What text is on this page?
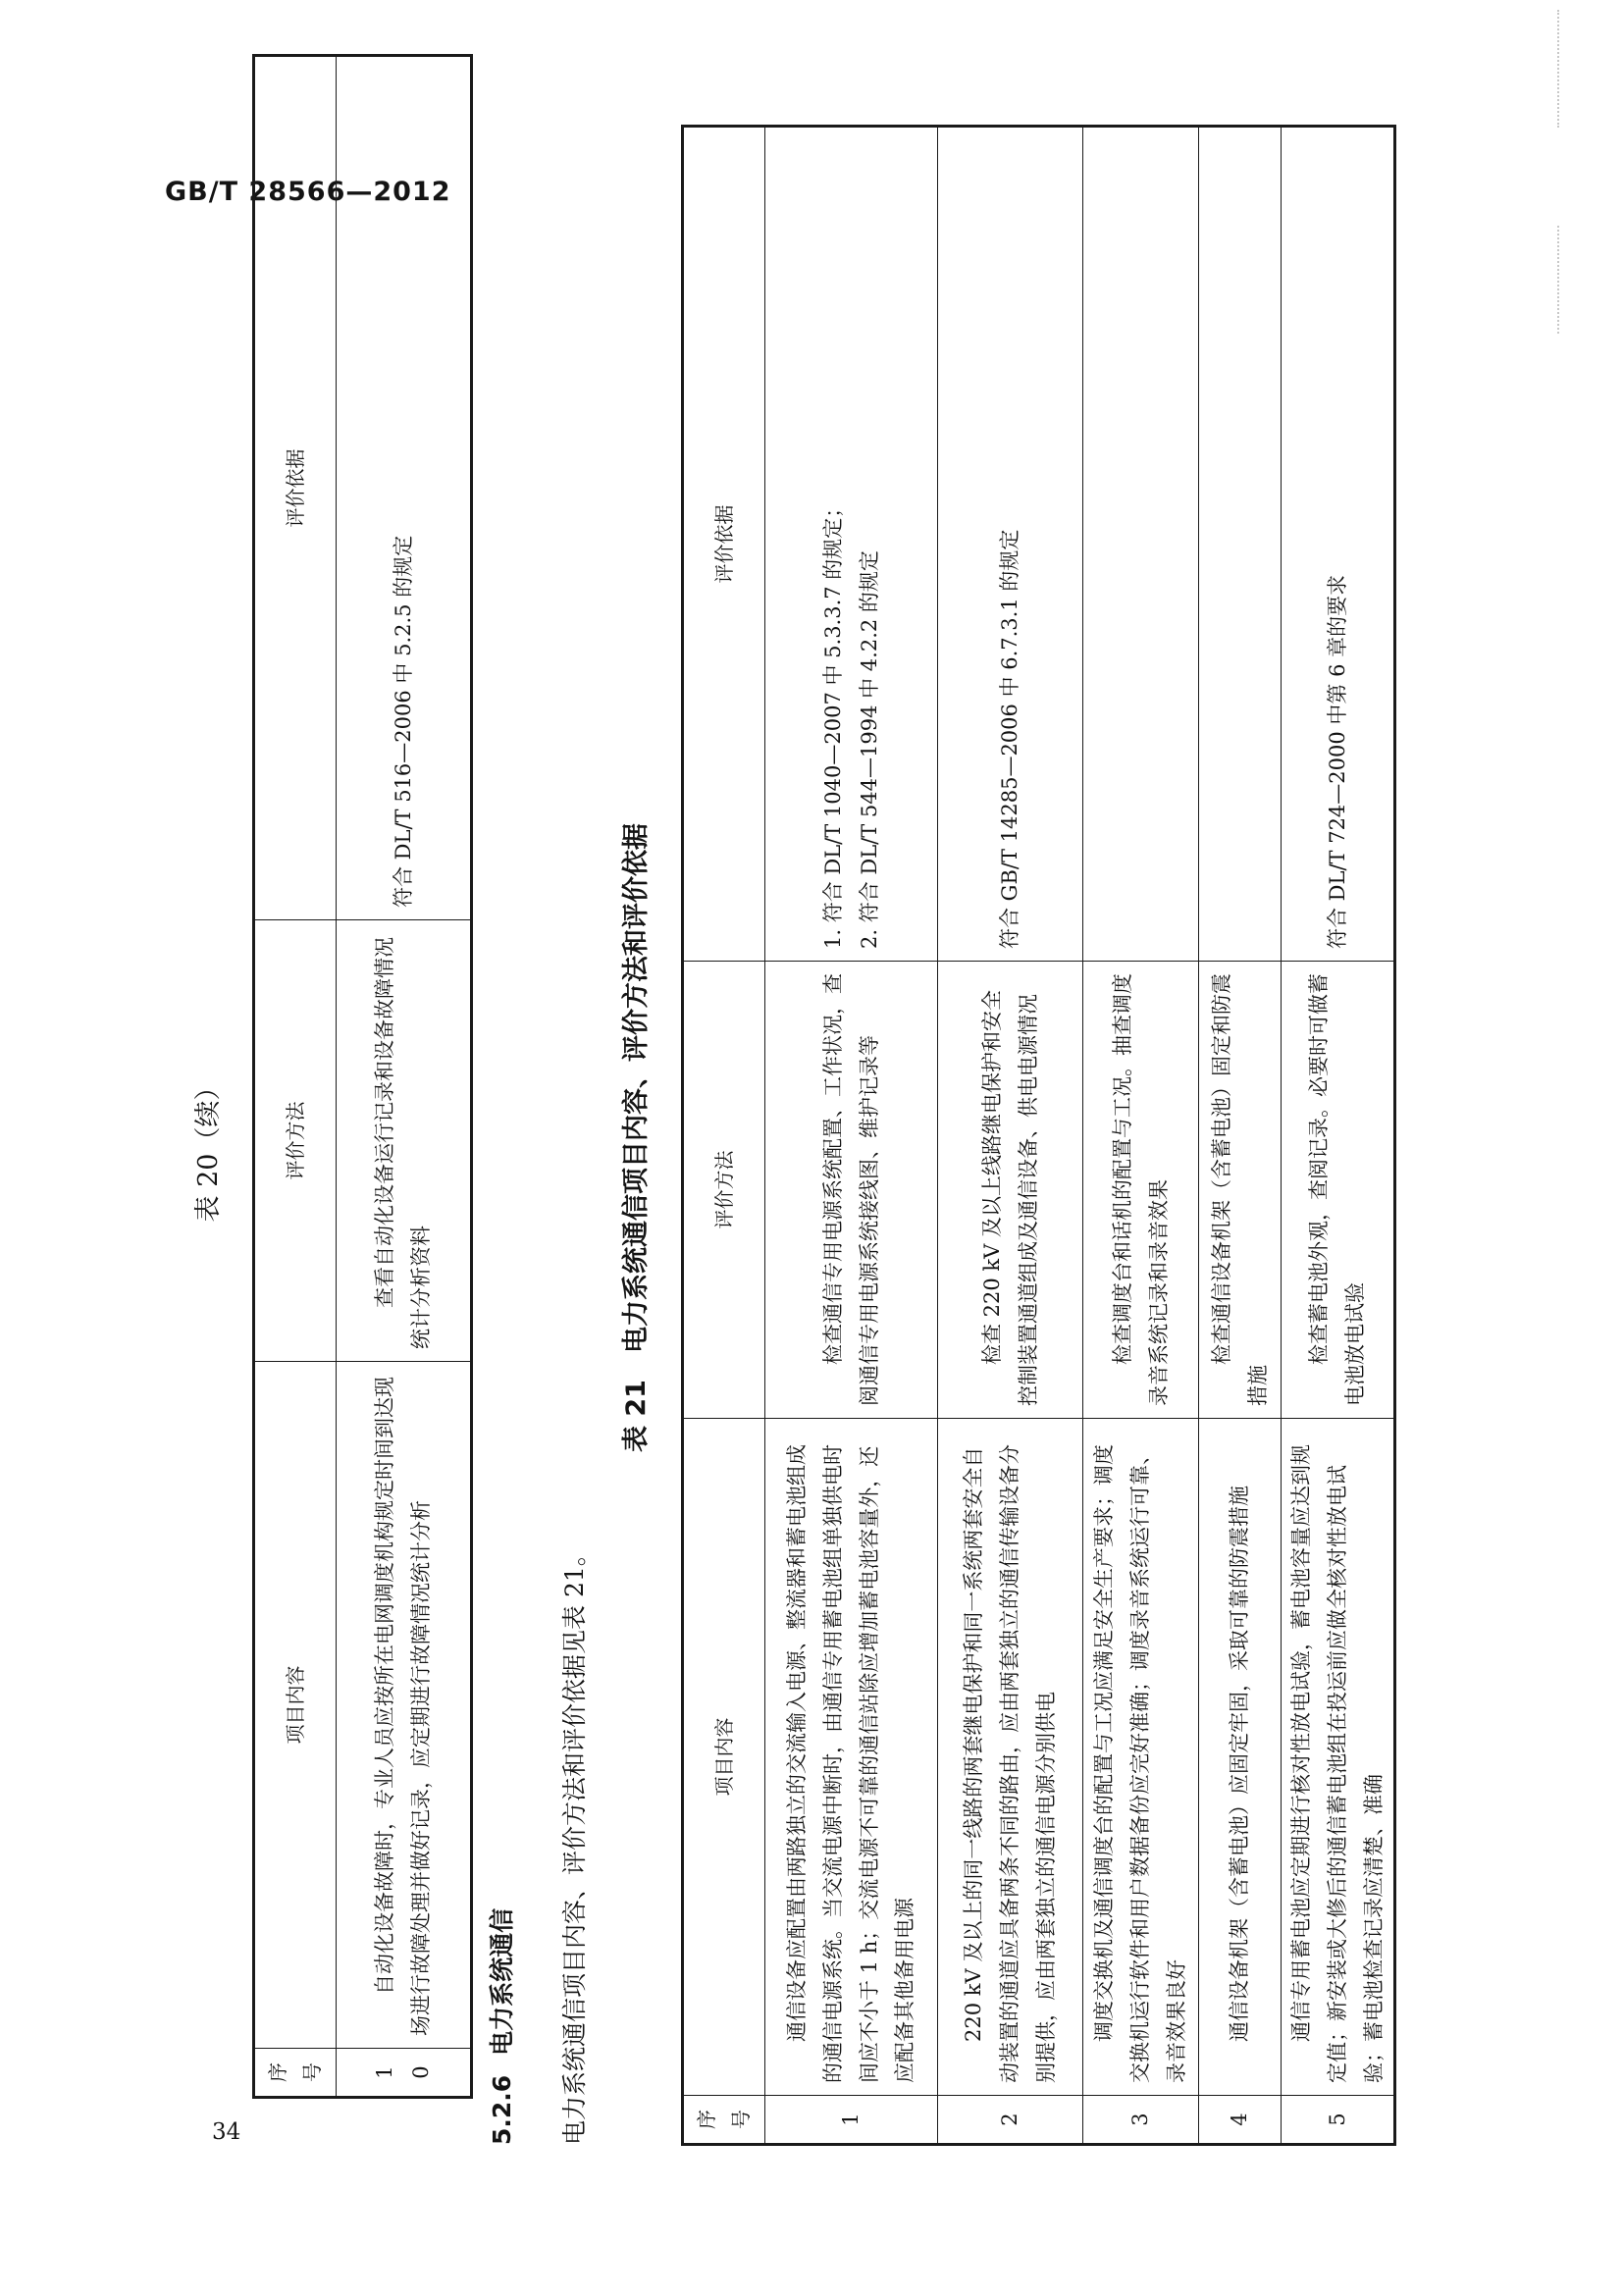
GB/T 28566—2012
34
表 20（续）
序号	项目内容	评价方法	评价依据
10	自动化设备故障时，专业人员应按所在电网调度机构规定时间到达现场进行故障处理并做好记录，应定期进行故障情况统计分析	查看自动化设备运行记录和设备故障情况统计分析资料	符合 DL/T 516—2006 中 5.2.5 的规定
5.2.6电力系统通信 电力系统通信项目内容、评价方法和评价依据见表 21。
表 21　电力系统通信项目内容、评价方法和评价依据
序号	项目内容	评价方法	评价依据
1	通信设备应配置由两路独立的交流输入电源、整流器和蓄电池组成的通信电源系统。当交流电源中断时，由通信专用蓄电池组单独供电时间应不小于 1 h；交流电源不可靠的通信站除应增加蓄电池容量外，还应配备其他备用电源	检查通信专用电源系统配置、工作状况，查阅通信专用电源系统接线图、维护记录等	1. 符合 DL/T 1040—2007 中 5.3.3.7 的规定； 2. 符合 DL/T 544—1994 中 4.2.2 的规定

2	220 kV 及以上的同一线路的两套继电保护和同一系统两套安全自动装置的通道应具备两条不同的路由，应由两套独立的通信传输设备分别提供，应由两套独立的通信电源分别供电	检查 220 kV 及以上线路继电保护和安全控制装置通道组成及通信设备、供电电源情况	符合 GB/T 14285—2006 中 6.7.3.1 的规定

3	调度交换机及通信调度台的配置与工况应满足安全生产要求；调度交换机运行软件和用户数据备份应完好准确；调度录音系统运行可靠、录音效果良好	检查调度台和话机的配置与工况。抽查调度录音系统记录和录音效果	

4	通信设备机架（含蓄电池）应固定牢固，采取可靠的防震措施	检查通信设备机架（含蓄电池）固定和防震措施	

5	通信专用蓄电池应定期进行核对性放电试验，蓄电池容量应达到规定值；新安装或大修后的通信蓄电池组在投运前应做全核对性放电试验；蓄电池检查记录应清楚、准确	检查蓄电池外观，查阅记录。必要时可做蓄电池放电试验	符合 DL/T 724—2000 中第 6 章的要求
